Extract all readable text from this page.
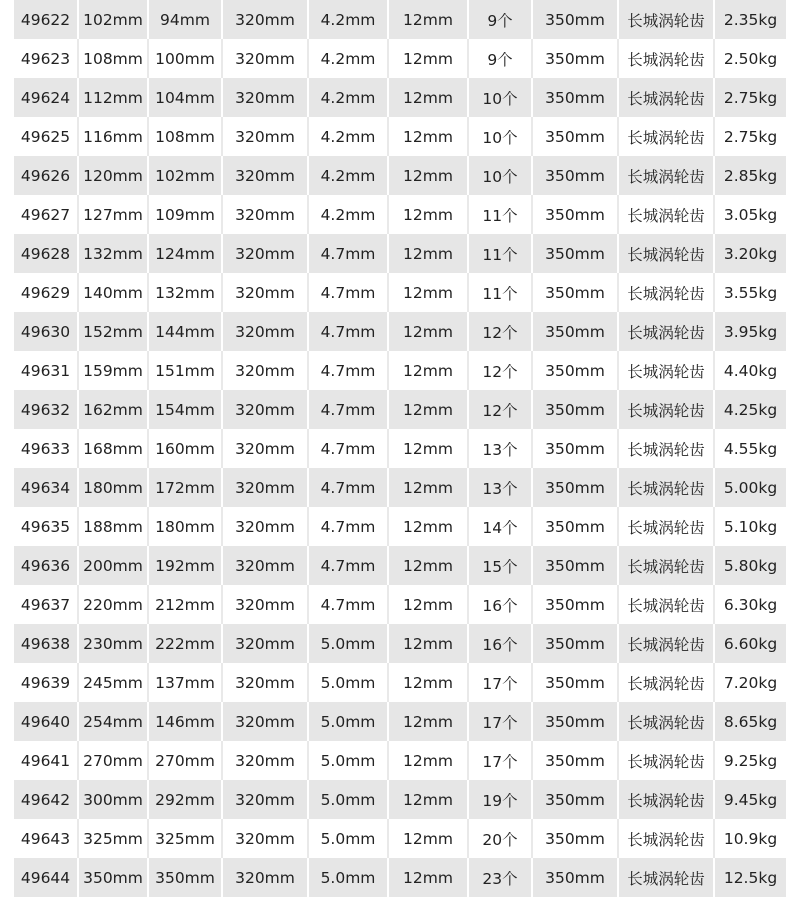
49622	102mm	94mm	320mm	4.2mm	12mm	9个	350mm	长城涡轮齿	2.35kg
49623	108mm	100mm	320mm	4.2mm	12mm	9个	350mm	长城涡轮齿	2.50kg
49624	112mm	104mm	320mm	4.2mm	12mm	10个	350mm	长城涡轮齿	2.75kg
49625	116mm	108mm	320mm	4.2mm	12mm	10个	350mm	长城涡轮齿	2.75kg
49626	120mm	102mm	320mm	4.2mm	12mm	10个	350mm	长城涡轮齿	2.85kg
49627	127mm	109mm	320mm	4.2mm	12mm	11个	350mm	长城涡轮齿	3.05kg
49628	132mm	124mm	320mm	4.7mm	12mm	11个	350mm	长城涡轮齿	3.20kg
49629	140mm	132mm	320mm	4.7mm	12mm	11个	350mm	长城涡轮齿	3.55kg
49630	152mm	144mm	320mm	4.7mm	12mm	12个	350mm	长城涡轮齿	3.95kg
49631	159mm	151mm	320mm	4.7mm	12mm	12个	350mm	长城涡轮齿	4.40kg
49632	162mm	154mm	320mm	4.7mm	12mm	12个	350mm	长城涡轮齿	4.25kg
49633	168mm	160mm	320mm	4.7mm	12mm	13个	350mm	长城涡轮齿	4.55kg
49634	180mm	172mm	320mm	4.7mm	12mm	13个	350mm	长城涡轮齿	5.00kg
49635	188mm	180mm	320mm	4.7mm	12mm	14个	350mm	长城涡轮齿	5.10kg
49636	200mm	192mm	320mm	4.7mm	12mm	15个	350mm	长城涡轮齿	5.80kg
49637	220mm	212mm	320mm	4.7mm	12mm	16个	350mm	长城涡轮齿	6.30kg
49638	230mm	222mm	320mm	5.0mm	12mm	16个	350mm	长城涡轮齿	6.60kg
49639	245mm	137mm	320mm	5.0mm	12mm	17个	350mm	长城涡轮齿	7.20kg
49640	254mm	146mm	320mm	5.0mm	12mm	17个	350mm	长城涡轮齿	8.65kg
49641	270mm	270mm	320mm	5.0mm	12mm	17个	350mm	长城涡轮齿	9.25kg
49642	300mm	292mm	320mm	5.0mm	12mm	19个	350mm	长城涡轮齿	9.45kg
49643	325mm	325mm	320mm	5.0mm	12mm	20个	350mm	长城涡轮齿	10.9kg
49644	350mm	350mm	320mm	5.0mm	12mm	23个	350mm	长城涡轮齿	12.5kg
